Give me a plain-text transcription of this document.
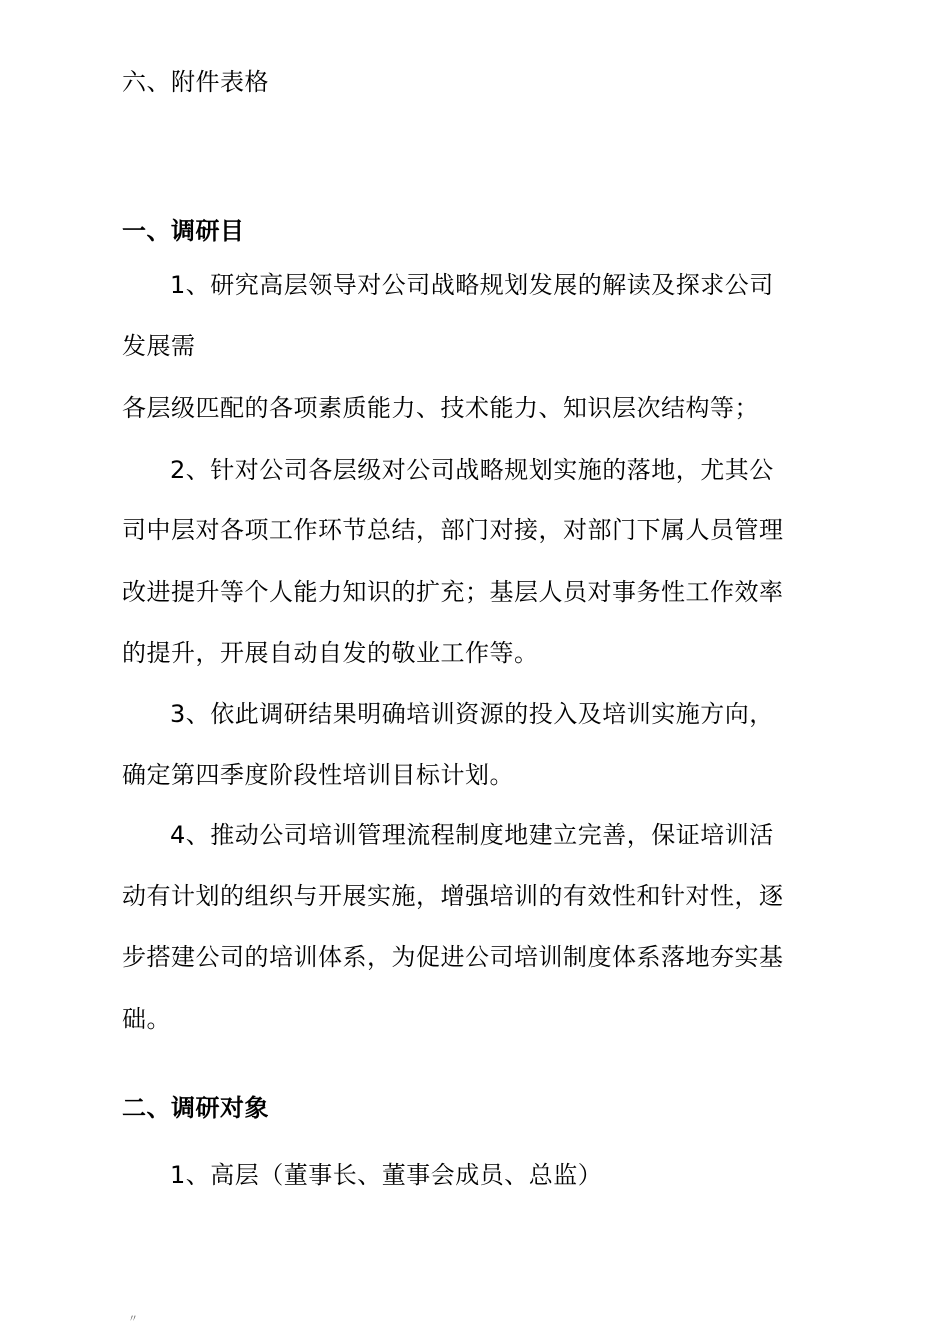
六、附件表格
一、调研目
1、研究高层领导对公司战略规划发展的解读及探求公司
发展需
各层级匹配的各项素质能力、技术能力、知识层次结构等；
2、针对公司各层级对公司战略规划实施的落地，尤其公
司中层对各项工作环节总结，部门对接，对部门下属人员管理
改进提升等个人能力知识的扩充；基层人员对事务性工作效率
的提升，开展自动自发的敬业工作等。
3、依此调研结果明确培训资源的投入及培训实施方向，
确定第四季度阶段性培训目标计划。
4、推动公司培训管理流程制度地建立完善，保证培训活
动有计划的组织与开展实施，增强培训的有效性和针对性，逐
步搭建公司的培训体系，为促进公司培训制度体系落地夯实基
础。
二、调研对象
1、高层（董事长、董事会成员、总监）
〃
